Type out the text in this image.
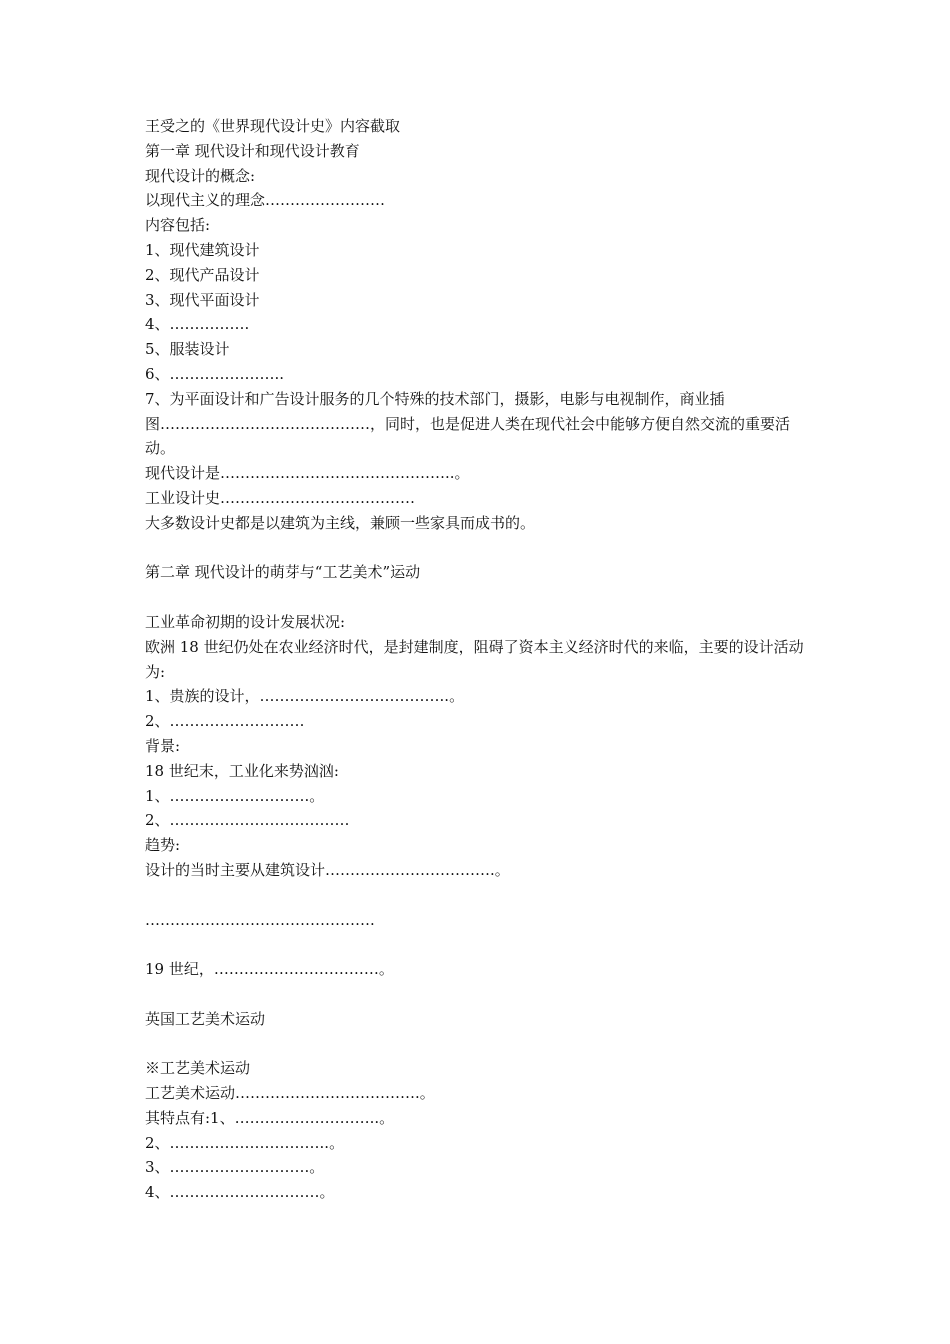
王受之的《世界现代设计史》内容截取
第一章 现代设计和现代设计教育
现代设计的概念:
以现代主义的理念……………………
内容包括:
1、现代建筑设计
2、现代产品设计
3、现代平面设计
4、…………….
5、服装设计
6、…………………..
7、为平面设计和广告设计服务的几个特殊的技术部门，摄影，电影与电视制作，商业插图……………………………………，同时，也是促进人类在现代社会中能够方便自然交流的重要活动。
现代设计是………………………………………..。
工业设计史…………………………………
大多数设计史都是以建筑为主线，兼顾一些家具而成书的。
第二章 现代设计的萌芽与“工艺美术”运动
工业革命初期的设计发展状况:
欧洲 18 世纪仍处在农业经济时代，是封建制度，阻碍了资本主义经济时代的来临，主要的设计活动为:
1、贵族的设计，………………………………..。
2、………………………
背景:
18 世纪末，工业化来势汹汹:
1、……………………….。
2、………………………………
趋势:
设计的当时主要从建筑设计…………………………….。
……………………………………….
19 世纪，……………………………。
英国工艺美术运动
※工艺美术运动
工艺美术运动……………………………….。
其特点有:1、………………………..。
2、…………………………..。
3、……………………….。
4、…………………………。
